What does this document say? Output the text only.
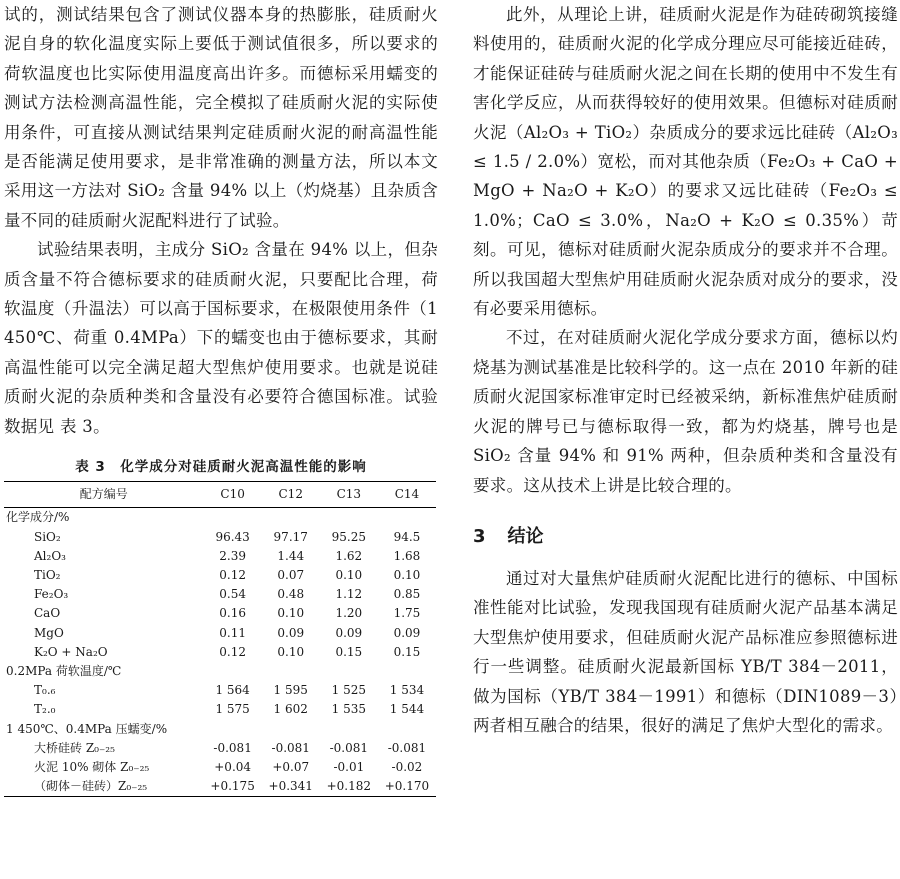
试的，测试结果包含了测试仪器本身的热膨胀，硅质耐火泥自身的软化温度实际上要低于测试值很多，所以要求的荷软温度也比实际使用温度高出许多。而德标采用蠕变的测试方法检测高温性能，完全模拟了硅质耐火泥的实际使用条件，可直接从测试结果判定硅质耐火泥的耐高温性能是否能满足使用要求，是非常准确的测量方法，所以本文采用这一方法对 SiO₂ 含量 94% 以上（灼烧基）且杂质含量不同的硅质耐火泥配料进行了试验。

试验结果表明，主成分 SiO₂ 含量在 94% 以上，但杂质含量不符合德标要求的硅质耐火泥，只要配比合理，荷软温度（升温法）可以高于国标要求，在极限使用条件（1 450℃、荷重 0.4MPa）下的蠕变也由于德标要求，其耐高温性能可以完全满足超大型焦炉使用要求。也就是说硅质耐火泥的杂质种类和含量没有必要符合德国标准。试验数据见 表 3。

表 3　化学成分对硅质耐火泥高温性能的影响
配方编号	C10	C12	C13	C14
化学成分/%				
SiO₂	96.43	97.17	95.25	94.5
Al₂O₃	2.39	1.44	1.62	1.68
TiO₂	0.12	0.07	0.10	0.10
Fe₂O₃	0.54	0.48	1.12	0.85
CaO	0.16	0.10	1.20	1.75
MgO	0.11	0.09	0.09	0.09
K₂O + Na₂O	0.12	0.10	0.15	0.15
0.2MPa 荷软温度/℃				
T₀.₆	1 564	1 595	1 525	1 534
T₂.₀	1 575	1 602	1 535	1 544
1 450℃、0.4MPa 压蠕变/%				
大桥硅砖 Z₀₋₂₅	-0.081	-0.081	-0.081	-0.081
火泥 10% 砌体 Z₀₋₂₅	+0.04	+0.07	-0.01	-0.02
（砌体－硅砖）Z₀₋₂₅	+0.175	+0.341	+0.182	+0.170

此外，从理论上讲，硅质耐火泥是作为硅砖砌筑接缝料使用的，硅质耐火泥的化学成分理应尽可能接近硅砖，才能保证硅砖与硅质耐火泥之间在长期的使用中不发生有害化学反应，从而获得较好的使用效果。但德标对硅质耐火泥（Al₂O₃ + TiO₂）杂质成分的要求远比硅砖（Al₂O₃ ≤ 1.5 / 2.0%）宽松，而对其他杂质（Fe₂O₃ + CaO + MgO + Na₂O + K₂O）的要求又远比硅砖（Fe₂O₃ ≤ 1.0%；CaO ≤ 3.0%，Na₂O + K₂O ≤ 0.35%）苛刻。可见，德标对硅质耐火泥杂质成分的要求并不合理。所以我国超大型焦炉用硅质耐火泥杂质对成分的要求，没有必要采用德标。

不过，在对硅质耐火泥化学成分要求方面，德标以灼烧基为测试基准是比较科学的。这一点在 2010 年新的硅质耐火泥国家标准审定时已经被采纳，新标准焦炉硅质耐火泥的牌号已与德标取得一致，都为灼烧基，牌号也是 SiO₂ 含量 94% 和 91% 两种，但杂质种类和含量没有要求。这从技术上讲是比较合理的。

3 结论

通过对大量焦炉硅质耐火泥配比进行的德标、中国标准性能对比试验，发现我国现有硅质耐火泥产品基本满足大型焦炉使用要求，但硅质耐火泥产品标准应参照德标进行一些调整。硅质耐火泥最新国标 YB/T 384－2011，做为国标（YB/T 384－1991）和德标（DIN1089－3）两者相互融合的结果，很好的满足了焦炉大型化的需求。
